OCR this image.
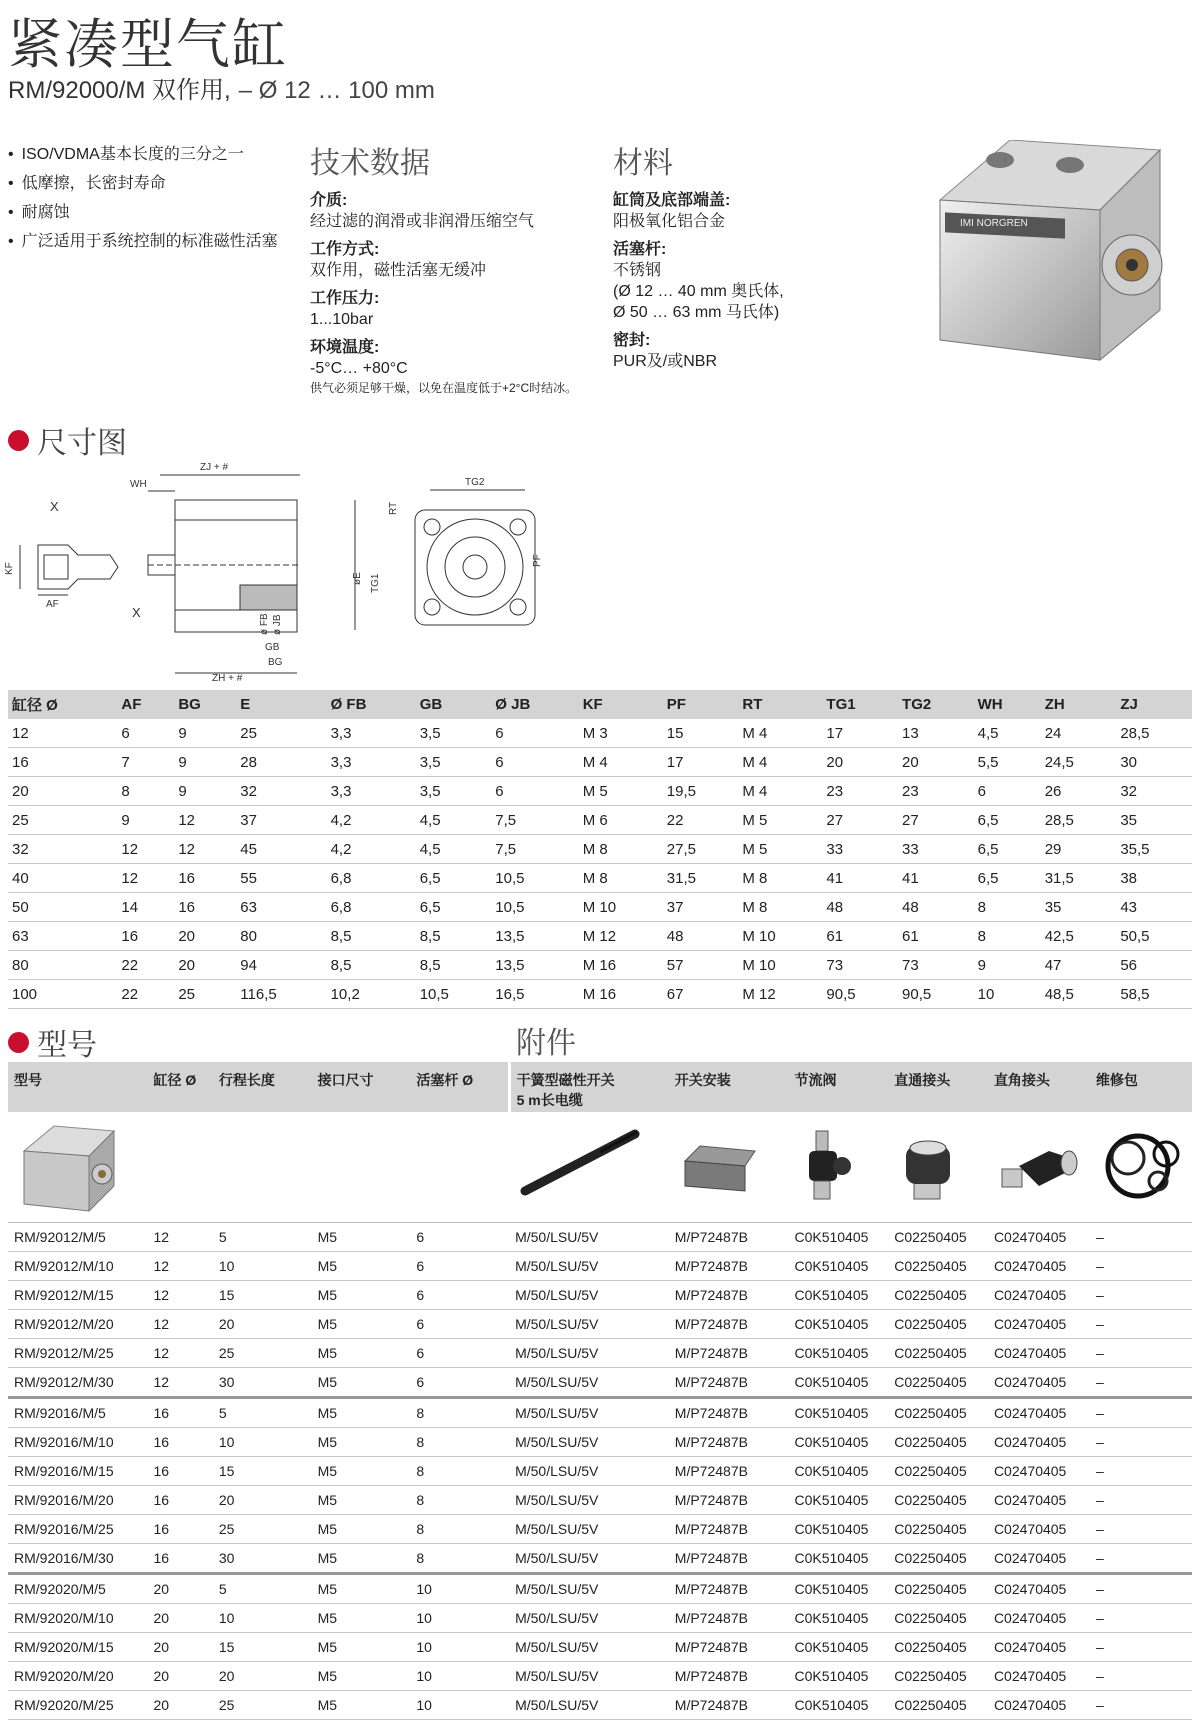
紧凑型气缸
RM/92000/M 双作用, – Ø 12 … 100 mm
• ISO/VDMA基本长度的三分之一
• 低摩擦，长密封寿命
• 耐腐蚀
• 广泛适用于系统控制的标准磁性活塞
技术数据
介质:
经过滤的润滑或非润滑压缩空气
工作方式:
双作用，磁性活塞无缓冲
工作压力:
1...10bar
环境温度:
-5°C… +80°C
供气必须足够干燥，以免在温度低于+2°C时结冰。
材料
缸筒及底部端盖:
阳极氧化铝合金
活塞杆:
不锈钢
(Ø 12 … 40 mm 奥氏体,
Ø 50 … 63 mm 马氏体)
密封:
PUR及/或NBR
IMI NORGREN
尺寸图
X
KF
AF
ZJ + #
WH
X
ø FB ø JB
GB
BG
ZH + #
øE TG1
RT
TG2
PF
缸径 Ø	AF	BG	E	Ø FB	GB	Ø JB	KF	PF	RT	TG1	TG2	WH	ZH	ZJ
12	6	9	25	3,3	3,5	6	M 3	15	M 4	17	13	4,5	24	28,5
16	7	9	28	3,3	3,5	6	M 4	17	M 4	20	20	5,5	24,5	30
20	8	9	32	3,3	3,5	6	M 5	19,5	M 4	23	23	6	26	32
25	9	12	37	4,2	4,5	7,5	M 6	22	M 5	27	27	6,5	28,5	35
32	12	12	45	4,2	4,5	7,5	M 8	27,5	M 5	33	33	6,5	29	35,5
40	12	16	55	6,8	6,5	10,5	M 8	31,5	M 8	41	41	6,5	31,5	38
50	14	16	63	6,8	6,5	10,5	M 10	37	M 8	48	48	8	35	43
63	16	20	80	8,5	8,5	13,5	M 12	48	M 10	61	61	8	42,5	50,5
80	22	20	94	8,5	8,5	13,5	M 16	57	M 10	73	73	9	47	56
100	22	25	116,5	10,2	10,5	16,5	M 16	67	M 12	90,5	90,5	10	48,5	58,5
型号	附件
型号	缸径 Ø	行程长度	接口尺寸	活塞杆 Ø	干簧型磁性开关
5 m长电缆	开关安装	节流阀	直通接头	直角接头	维修包

RM/92012/M/5	12	5	M5	6	M/50/LSU/5V	M/P72487B	C0K510405	C02250405	C02470405	–
RM/92012/M/10	12	10	M5	6	M/50/LSU/5V	M/P72487B	C0K510405	C02250405	C02470405	–
RM/92012/M/15	12	15	M5	6	M/50/LSU/5V	M/P72487B	C0K510405	C02250405	C02470405	–
RM/92012/M/20	12	20	M5	6	M/50/LSU/5V	M/P72487B	C0K510405	C02250405	C02470405	–
RM/92012/M/25	12	25	M5	6	M/50/LSU/5V	M/P72487B	C0K510405	C02250405	C02470405	–
RM/92012/M/30	12	30	M5	6	M/50/LSU/5V	M/P72487B	C0K510405	C02250405	C02470405	–
RM/92016/M/5	16	5	M5	8	M/50/LSU/5V	M/P72487B	C0K510405	C02250405	C02470405	–
RM/92016/M/10	16	10	M5	8	M/50/LSU/5V	M/P72487B	C0K510405	C02250405	C02470405	–
RM/92016/M/15	16	15	M5	8	M/50/LSU/5V	M/P72487B	C0K510405	C02250405	C02470405	–
RM/92016/M/20	16	20	M5	8	M/50/LSU/5V	M/P72487B	C0K510405	C02250405	C02470405	–
RM/92016/M/25	16	25	M5	8	M/50/LSU/5V	M/P72487B	C0K510405	C02250405	C02470405	–
RM/92016/M/30	16	30	M5	8	M/50/LSU/5V	M/P72487B	C0K510405	C02250405	C02470405	–
RM/92020/M/5	20	5	M5	10	M/50/LSU/5V	M/P72487B	C0K510405	C02250405	C02470405	–
RM/92020/M/10	20	10	M5	10	M/50/LSU/5V	M/P72487B	C0K510405	C02250405	C02470405	–
RM/92020/M/15	20	15	M5	10	M/50/LSU/5V	M/P72487B	C0K510405	C02250405	C02470405	–
RM/92020/M/20	20	20	M5	10	M/50/LSU/5V	M/P72487B	C0K510405	C02250405	C02470405	–
RM/92020/M/25	20	25	M5	10	M/50/LSU/5V	M/P72487B	C0K510405	C02250405	C02470405	–
